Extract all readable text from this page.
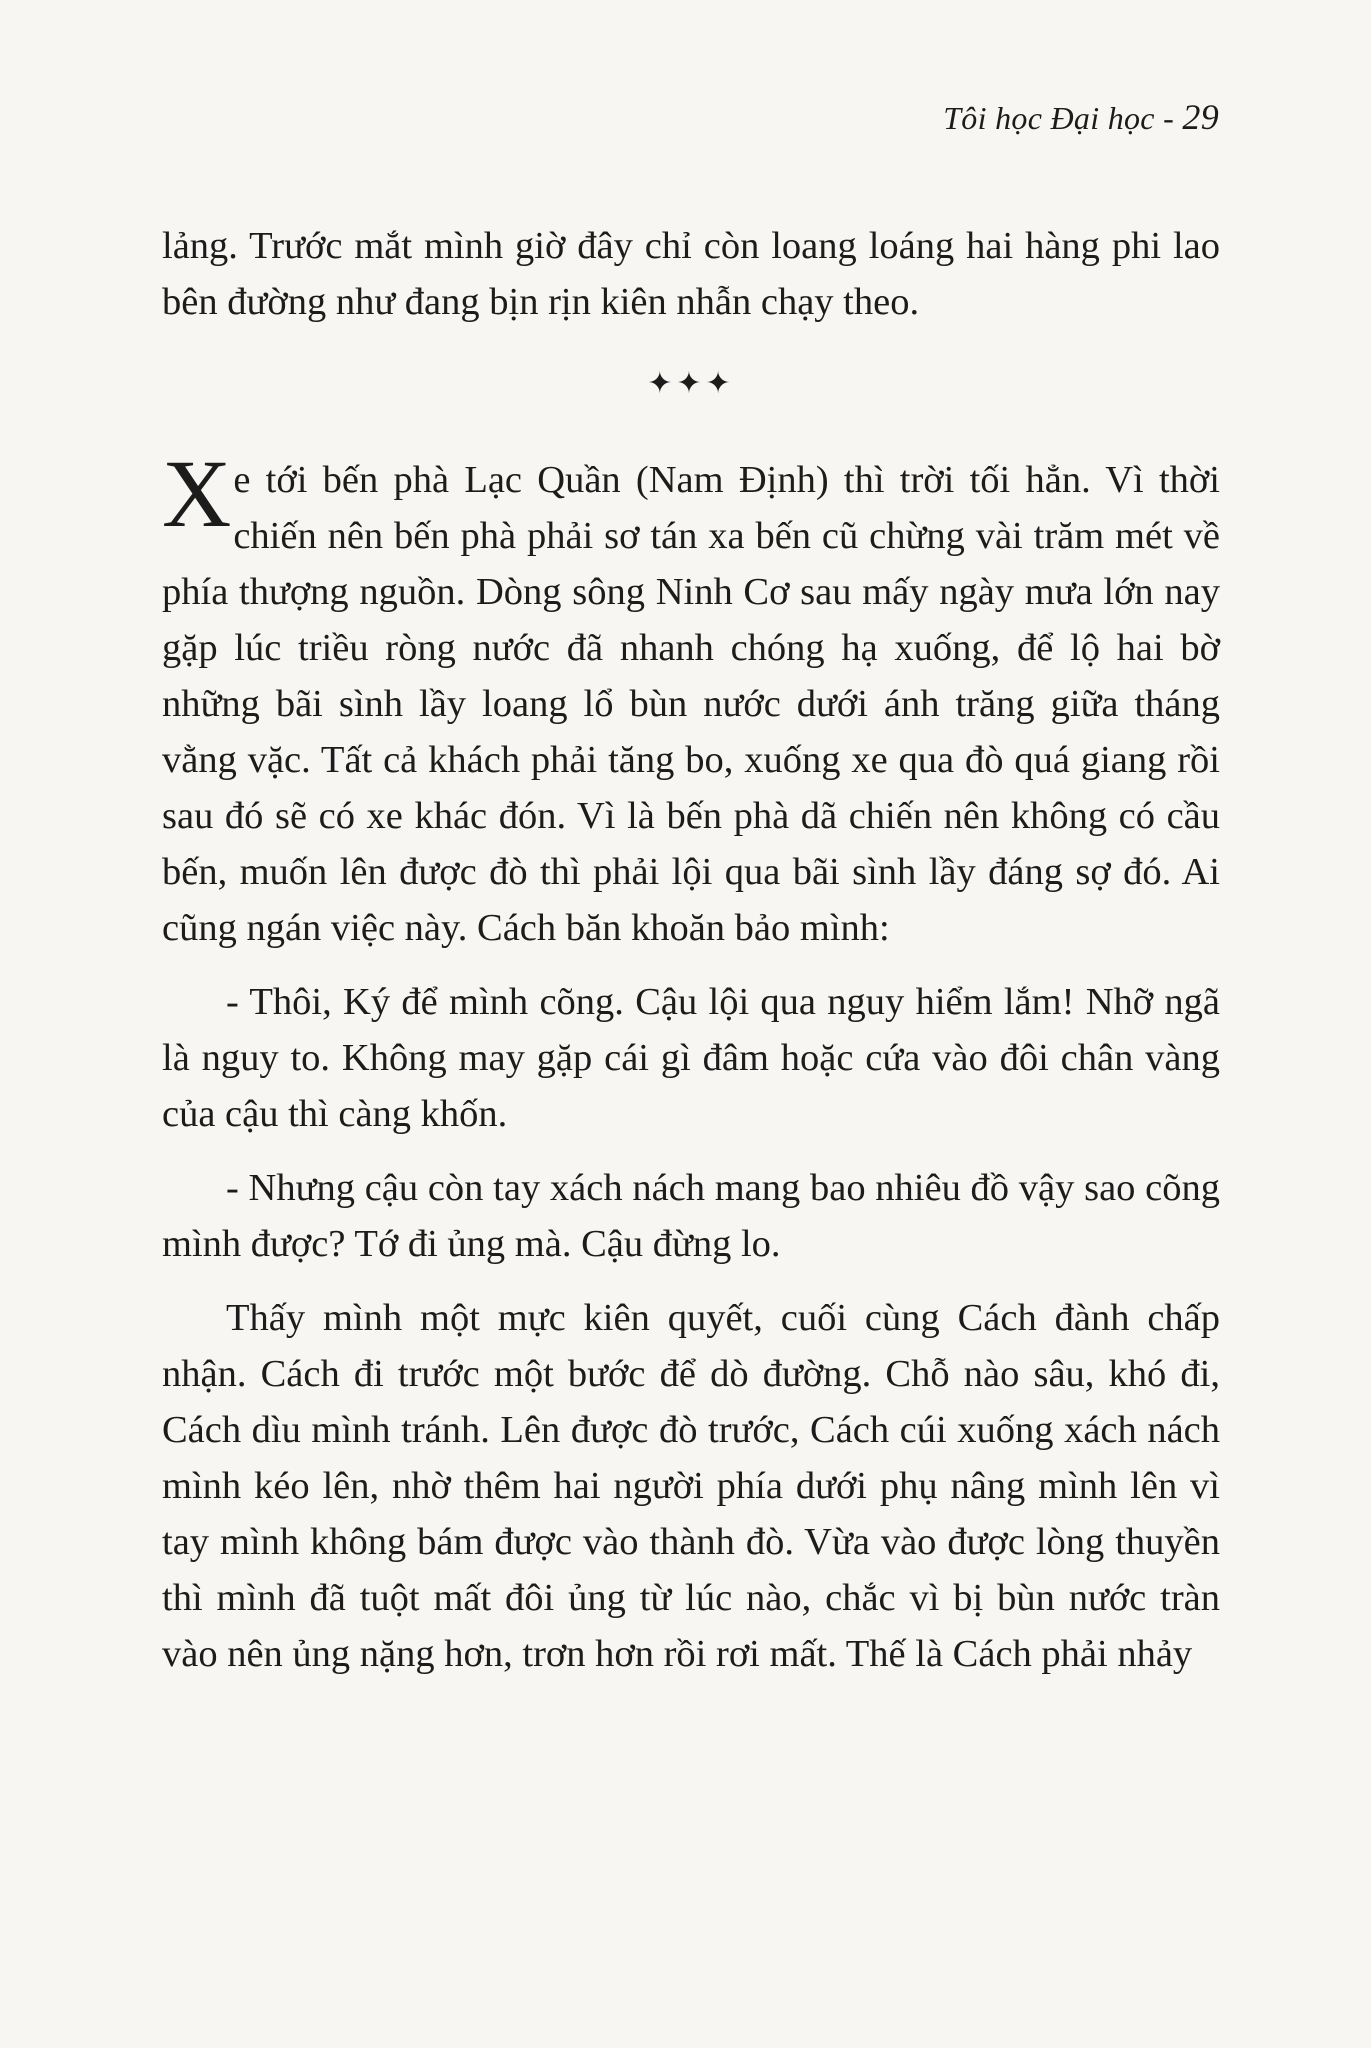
Tôi học Đại học - 29

lảng. Trước mắt mình giờ đây chỉ còn loang loáng hai hàng phi lao bên đường như đang bịn rịn kiên nhẫn chạy theo.

✦✦✦

Xe tới bến phà Lạc Quần (Nam Định) thì trời tối hẳn. Vì thời chiến nên bến phà phải sơ tán xa bến cũ chừng vài trăm mét về phía thượng nguồn. Dòng sông Ninh Cơ sau mấy ngày mưa lớn nay gặp lúc triều ròng nước đã nhanh chóng hạ xuống, để lộ hai bờ những bãi sình lầy loang lổ bùn nước dưới ánh trăng giữa tháng vằng vặc. Tất cả khách phải tăng bo, xuống xe qua đò quá giang rồi sau đó sẽ có xe khác đón. Vì là bến phà dã chiến nên không có cầu bến, muốn lên được đò thì phải lội qua bãi sình lầy đáng sợ đó. Ai cũng ngán việc này. Cách băn khoăn bảo mình:

- Thôi, Ký để mình cõng. Cậu lội qua nguy hiểm lắm! Nhỡ ngã là nguy to. Không may gặp cái gì đâm hoặc cứa vào đôi chân vàng của cậu thì càng khốn.

- Nhưng cậu còn tay xách nách mang bao nhiêu đồ vậy sao cõng mình được? Tớ đi ủng mà. Cậu đừng lo.

Thấy mình một mực kiên quyết, cuối cùng Cách đành chấp nhận. Cách đi trước một bước để dò đường. Chỗ nào sâu, khó đi, Cách dìu mình tránh. Lên được đò trước, Cách cúi xuống xách nách mình kéo lên, nhờ thêm hai người phía dưới phụ nâng mình lên vì tay mình không bám được vào thành đò. Vừa vào được lòng thuyền thì mình đã tuột mất đôi ủng từ lúc nào, chắc vì bị bùn nước tràn vào nên ủng nặng hơn, trơn hơn rồi rơi mất. Thế là Cách phải nhảy
